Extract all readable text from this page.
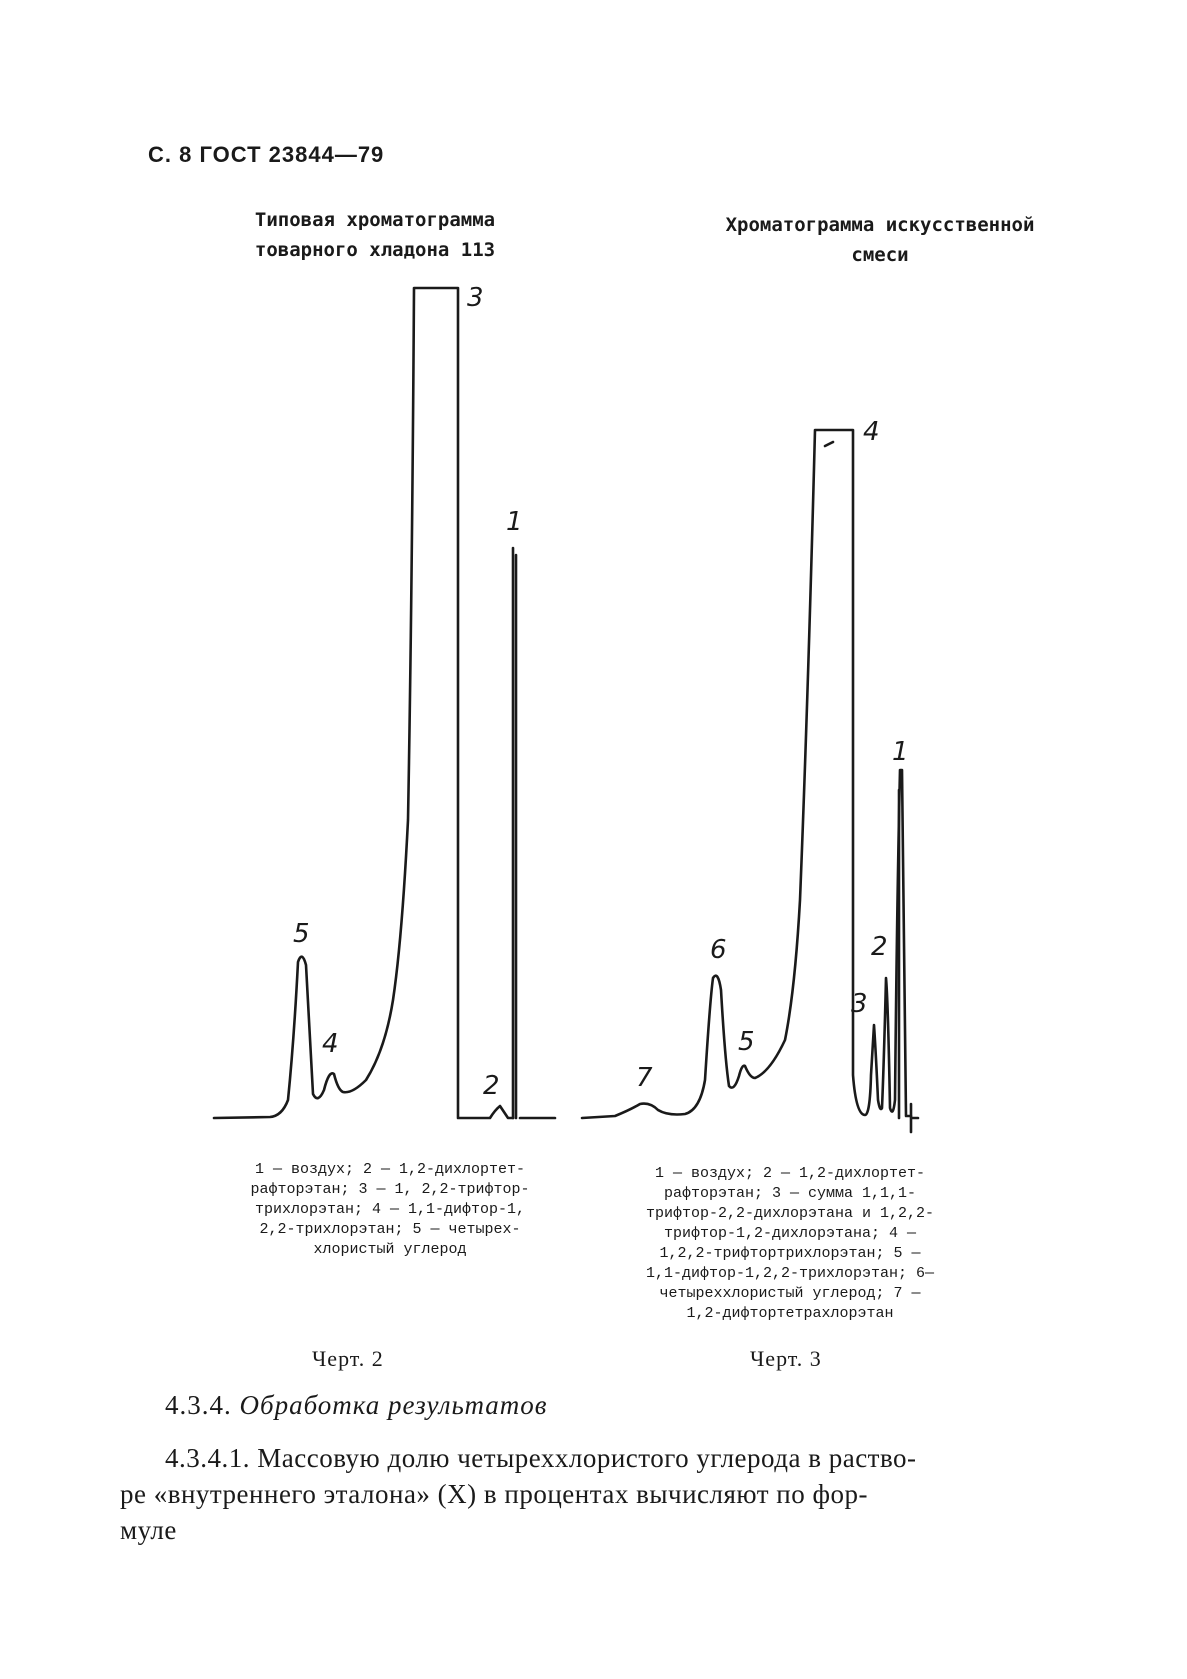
С. 8 ГОСТ 23844—79
Типовая хроматограмма
товарного хладона 113
Хроматограмма искусственной
смеси
5
4
3
2
1
7
6
5
4
3
2
1
1 — воздух; 2 — 1,2-дихлортет-
рафторэтан; 3 — 1, 2,2-трифтор-
трихлорэтан; 4 — 1,1-дифтор-1,
2,2-трихлорэтан; 5 — четырех-
хлористый углерод
1 — воздух; 2 — 1,2-дихлортет-
рафторэтан; 3 — сумма 1,1,1-
трифтор-2,2-дихлорэтана и 1,2,2-
трифтор-1,2-дихлорэтана; 4 —
1,2,2-трифтортрихлорэтан; 5 —
1,1-дифтор-1,2,2-трихлорэтан; 6—
четыреххлористый углерод; 7 —
1,2-дифтортетрахлорэтан
Черт. 2	Черт. 3
4.3.4. Обработка результатов
4.3.4.1. Массовую долю четыреххлористого углерода в раство-
ре «внутреннего эталона» (X) в процентах вычисляют по фор-
муле
